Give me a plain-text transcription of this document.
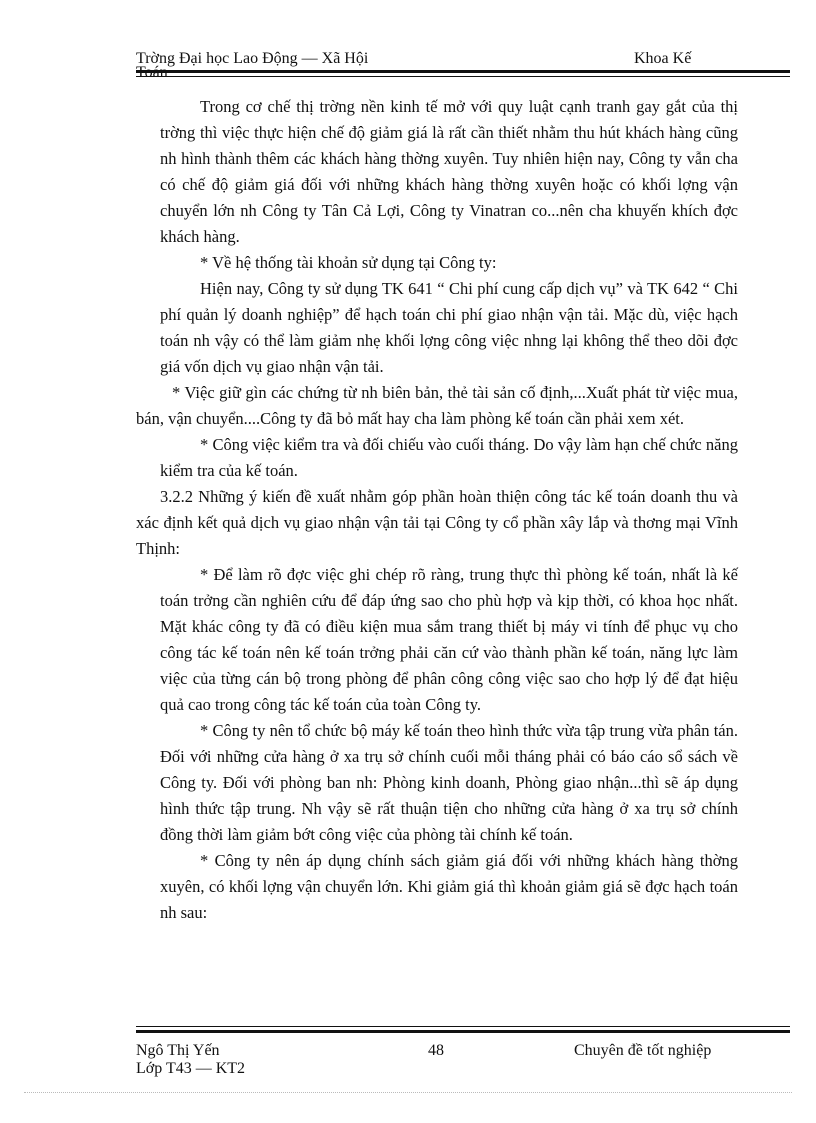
Trờng Đại học Lao Động — Xã Hội	Khoa Kế

Trong cơ chế thị trờng nền kinh tế mở với quy luật cạnh tranh gay gắt của thị trờng thì việc thực hiện chế độ giảm giá là rất cần thiết nhằm thu hút khách hàng cũng nh hình thành thêm các khách hàng thờng xuyên. Tuy nhiên hiện nay, Công ty vẫn cha có chế độ giảm giá đối với những khách hàng thờng xuyên hoặc có khối lợng vận chuyển lớn nh Công ty Tân Cả Lợi, Công ty Vinatran co...nên cha khuyến khích đợc khách hàng.

* Về hệ thống tài khoản sử dụng tại Công ty:

Hiện nay, Công ty sử dụng TK 641 “ Chi phí cung cấp dịch vụ” và TK 642 “ Chi phí quản lý doanh nghiệp” để hạch toán chi phí giao nhận vận tải. Mặc dù, việc hạch toán nh vậy có thể làm giảm nhẹ khối lợng công việc nhng lại không thể theo dõi đợc giá vốn dịch vụ giao nhận vận tải.

* Việc giữ gìn các chứng từ nh biên bản, thẻ tài sản cố định,...Xuất phát từ việc mua, bán, vận chuyển....Công ty đã bỏ mất hay cha làm phòng kế toán cần phải xem xét.

* Công việc kiểm tra và đối chiếu vào cuối tháng. Do vậy làm hạn chế chức năng kiểm tra của kế toán.

3.2.2 Những ý kiến đề xuất nhằm góp phần hoàn thiện công tác kế toán doanh thu và xác định kết quả dịch vụ giao nhận vận tải tại Công ty cổ phần xây lắp và thơng mại Vĩnh Thịnh:

* Để làm rõ đợc việc ghi chép rõ ràng, trung thực thì phòng kế toán, nhất là kế toán trởng cần nghiên cứu để đáp ứng sao cho phù hợp và kịp thời, có khoa học nhất. Mặt khác công ty đã có điều kiện mua sắm trang thiết bị máy vi tính để phục vụ cho công tác kế toán nên kế toán trởng phải căn cứ vào thành phần kế toán, năng lực làm việc của từng cán bộ trong phòng để phân công công việc sao cho hợp lý để đạt hiệu quả cao trong công tác kế toán của toàn Công ty.

* Công ty nên tổ chức bộ máy kế toán theo hình thức vừa tập trung vừa phân tán. Đối với những cửa hàng ở xa trụ sở chính cuối mỗi tháng phải có báo cáo sổ sách về Công ty. Đối với phòng ban nh: Phòng kinh doanh, Phòng giao nhận...thì sẽ áp dụng hình thức tập trung. Nh vậy sẽ rất thuận tiện cho những cửa hàng ở xa trụ sở chính đồng thời làm giảm bớt công việc của phòng tài chính kế toán.

* Công ty nên áp dụng chính sách giảm giá đối với những khách hàng thờng xuyên, có khối lợng vận chuyển lớn. Khi giảm giá thì khoản giảm giá sẽ đợc hạch toán nh sau:

Ngô Thị Yến
Lớp T43 — KT2
48	Chuyên đề tốt nghiệp
